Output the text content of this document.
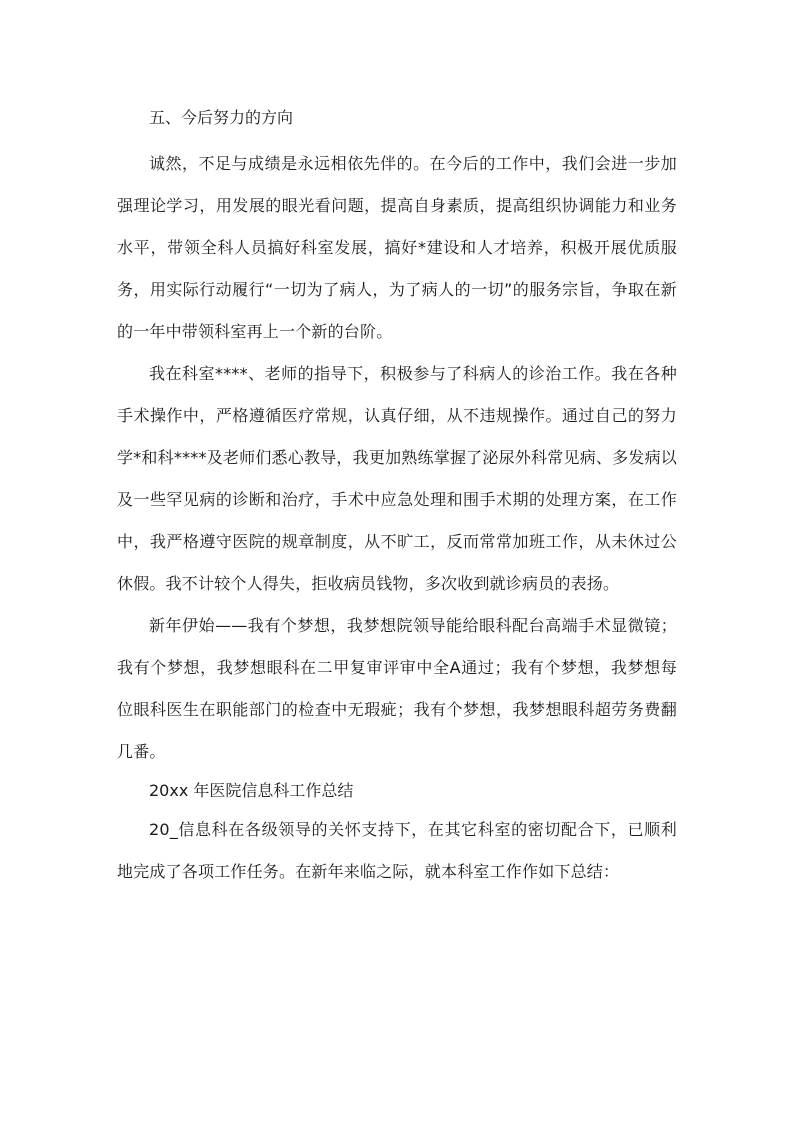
五、今后努力的方向

诚然，不足与成绩是永远相依先伴的。在今后的工作中，我们会进一步加强理论学习，用发展的眼光看问题，提高自身素质，提高组织协调能力和业务水平，带领全科人员搞好科室发展，搞好*建设和人才培养，积极开展优质服务，用实际行动履行“一切为了病人，为了病人的一切”的服务宗旨，争取在新的一年中带领科室再上一个新的台阶。

我在科室****、老师的指导下，积极参与了科病人的诊治工作。我在各种手术操作中，严格遵循医疗常规，认真仔细，从不违规操作。通过自己的努力学*和科****及老师们悉心教导，我更加熟练掌握了泌尿外科常见病、多发病以及一些罕见病的诊断和治疗，手术中应急处理和围手术期的处理方案，在工作中，我严格遵守医院的规章制度，从不旷工，反而常常加班工作，从未休过公休假。我不计较个人得失，拒收病员钱物，多次收到就诊病员的表扬。

新年伊始——我有个梦想，我梦想院领导能给眼科配台高端手术显微镜；我有个梦想，我梦想眼科在二甲复审评审中全A通过；我有个梦想，我梦想每位眼科医生在职能部门的检查中无瑕疵；我有个梦想，我梦想眼科超劳务费翻几番。

20xx 年医院信息科工作总结

20_信息科在各级领导的关怀支持下，在其它科室的密切配合下，已顺利地完成了各项工作任务。在新年来临之际，就本科室工作作如下总结：
